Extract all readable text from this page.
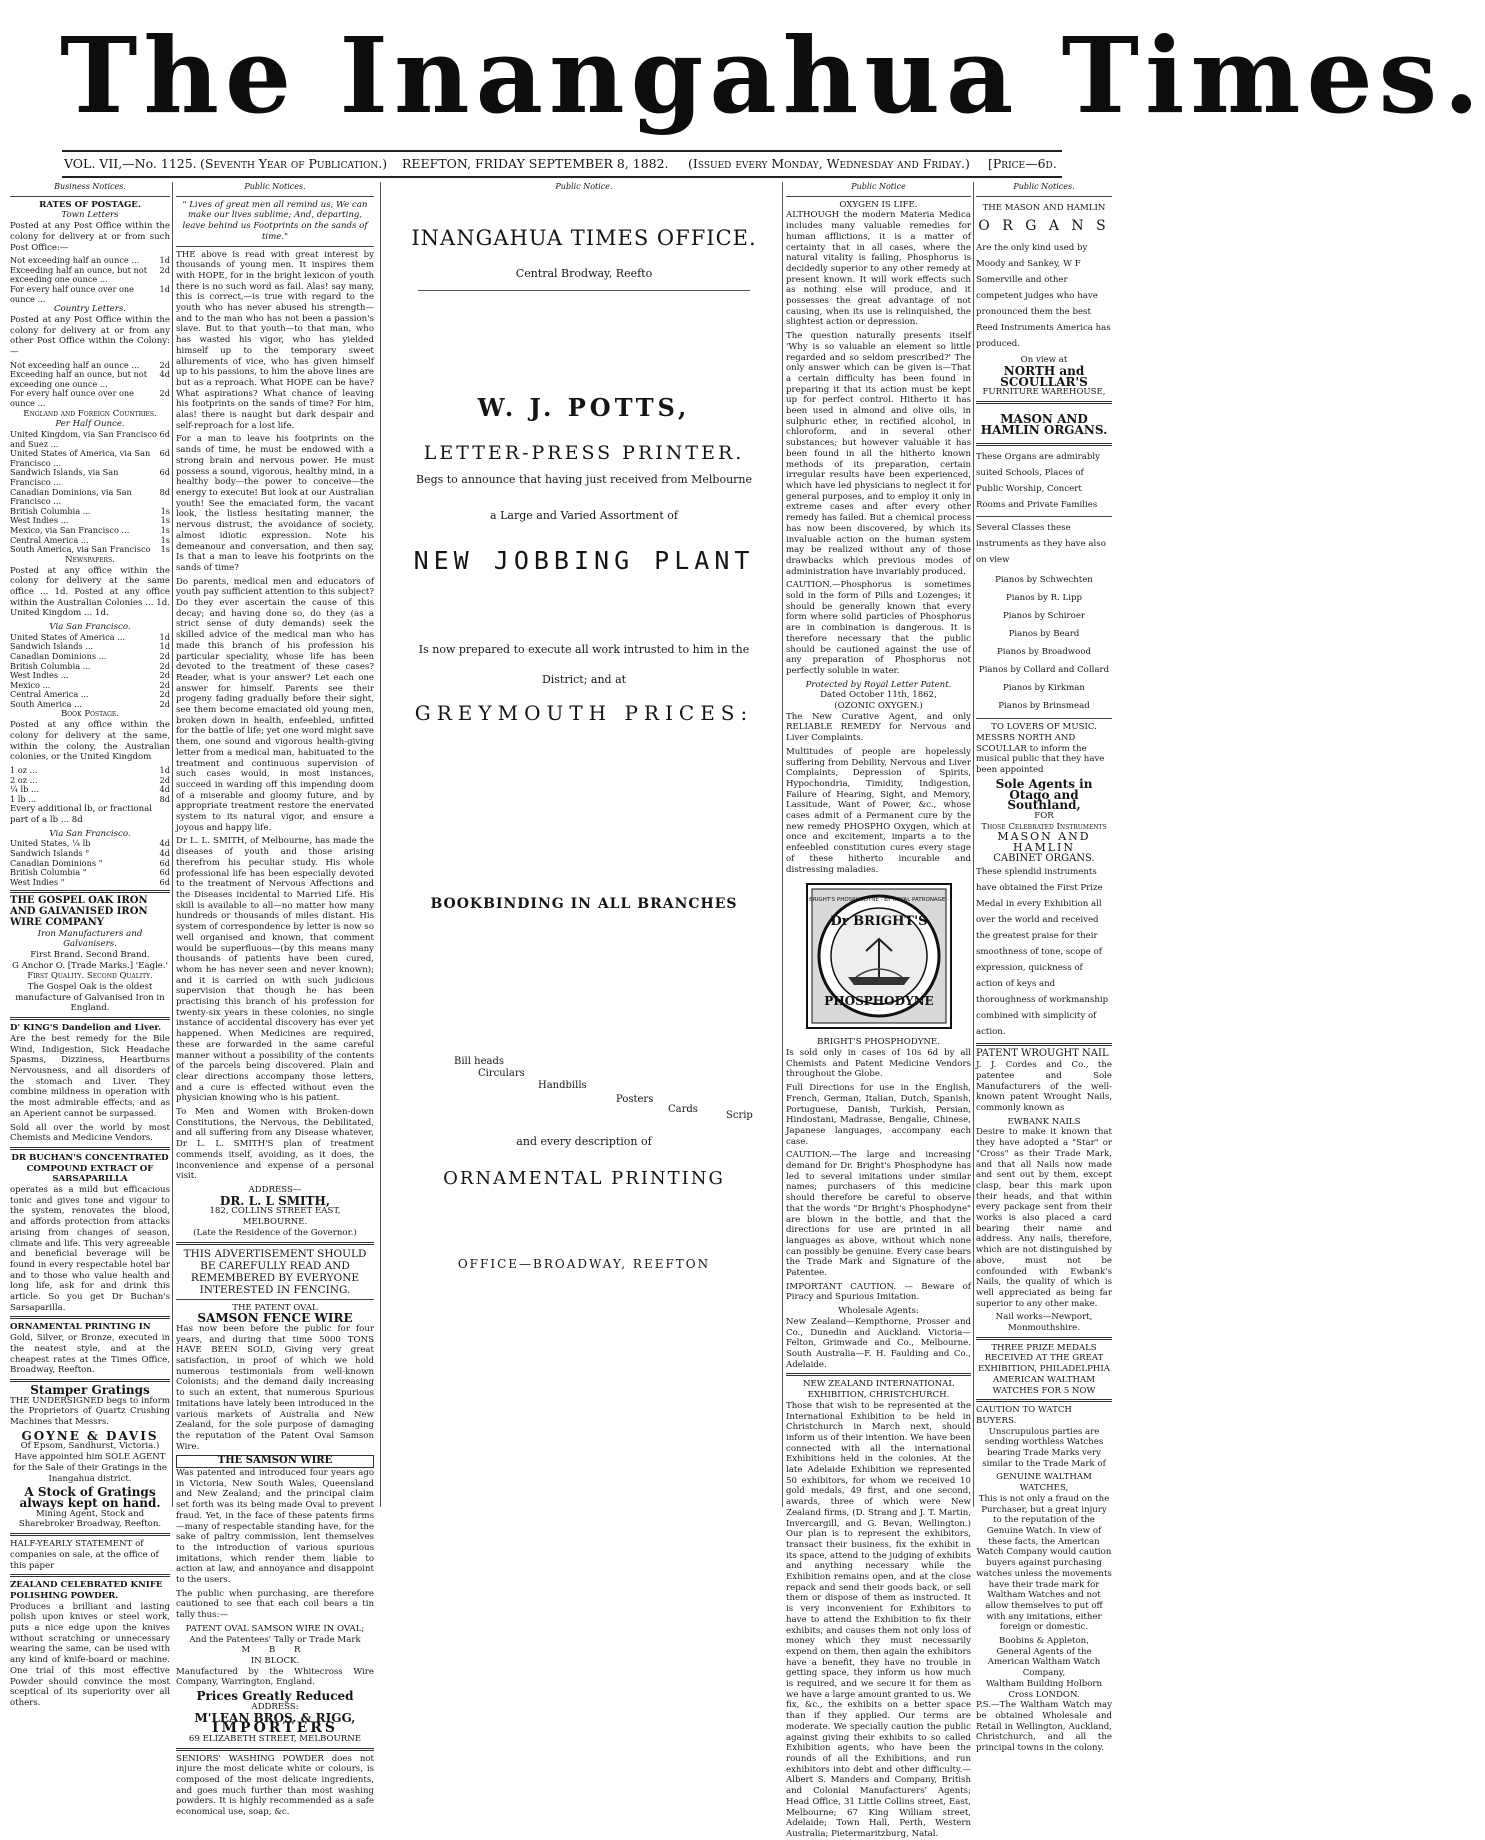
The Inangahua Times.
VOL. VII,—No. 1125. (Seventh Year of Publication.) REEFTON, FRIDAY SEPTEMBER 8, 1882. (Issued every Monday, Wednesday and Friday.) [Price—6d.
Business Notices.
RATES OF POSTAGE.
Town Letters

Posted at any Post Office within the colony for delivery at or from such Post Office:—

Not exceeding half an ounce ...	1d
Exceeding half an ounce, but not exceeding one ounce ...	2d
For every half ounce over one ounce ...	1d
Country Letters.

Posted at any Post Office within the colony for delivery at or from any other Post Office within the Colony:—

Not exceeding half an ounce ...	2d
Exceeding half an ounce, but not exceeding one ounce ...	4d
For every half ounce over one ounce ...	2d
England and Foreign Countries.
Per Half Ounce.
United Kingdom, via San Francisco and Suez ...	6d
United States of America, via San Francisco ...	6d
Sandwich Islands, via San Francisco ...	6d
Canadian Dominions, via San Francisco ...	8d
British Columbia ...	1s
West Indies ...	1s
Mexico, via San Francisco ...	1s
Central America ...	1s
South America, via San Francisco	1s
Newspapers.

Posted at any office within the colony for delivery at the same office ... 1d. Posted at any office within the Australian Colonies ... 1d. United Kingdom ... 1d.

Via San Francisco.
United States of America ...	1d
Sandwich Islands ...	1d
Canadian Dominions ...	2d
British Columbia ...	2d
West Indies ...	2d
Mexico ...	2d
Central America ...	2d
South America ...	2d
Book Postage.

Posted at any office within the colony for delivery at the same, within the colony, the Australian colonies, or the United Kingdom

1 oz ...	1d
2 oz ...	2d
¼ lb ...	4d
1 lb ...	8d

Every additional lb, or fractional part of a lb ... 8d

Via San Francisco.
United States, ¼ lb	4d
Sandwich Islands "	4d
Canadian Dominions "	6d
British Columbia "	6d
West Indies "	6d
THE GOSPEL OAK IRON AND GALVANISED IRON WIRE COMPANY
Iron Manufacturers and Galvanisers.
First Brand. Second Brand.
G Anchor O. [Trade Marks.] 'Eagle.'
First Quality. Second Quality.

The Gospel Oak is the oldest manufacture of Galvanised Iron in England.

D' KING'S Dandelion and Liver.

Are the best remedy for the Bile Wind, Indigestion, Sick Headache Spasms, Dizziness, Heartburns Nervousness, and all disorders of the stomach and Liver. They combine mildness in operation with the most admirable effects, and as an Aperient cannot be surpassed.

Sold all over the world by most Chemists and Medicine Vendors.

DR BUCHAN'S CONCENTRATED COMPOUND EXTRACT OF SARSAPARILLA

operates as a mild but efficacious tonic and gives tone and vigour to the system, renovates the blood, and affords protection from attacks arising from changes of season, climate and life. This very agreeable and beneficial beverage will be found in every respectable hotel bar and to those who value health and long life, ask for and drink this article. So you get Dr Buchan's Sarsaparilla.

ORNAMENTAL PRINTING IN

Gold, Silver, or Bronze, executed in the neatest style, and at the cheapest rates at the Times Office, Broadway, Reefton.

Stamper Gratings

THE UNDERSIGNED begs to inform the Proprietors of Quartz Crushing Machines that Messrs.

GOYNE & DAVIS
Of Epsom, Sandhurst, Victoria.)

Have appointed him SOLE AGENT for the Sale of their Gratings in the Inangahua district.

A Stock of Gratings always kept on hand.

Mining Agent, Stock and Sharebroker Broadway, Reefton.

HALF-YEARLY STATEMENT of companies on sale, at the office of this paper

ZEALAND CELEBRATED KNIFE POLISHING POWDER.

Produces a brilliant and lasting polish upon knives or steel work, puts a nice edge upon the knives without scratching or unnecessary wearing the same, can be used with any kind of knife-board or machine. One trial of this most effective Powder should convince the most sceptical of its superiority over all others.

Public Notices.

" Lives of great men all remind us, We can make our lives sublime; And, departing, leave behind us Footprints on the sands of time."

THE above is read with great interest by thousands of young men. It inspires them with HOPE, for in the bright lexicon of youth there is no such word as fail. Alas! say many, this is correct,—is true with regard to the youth who has never abused his strength—and to the man who has not been a passion's slave. But to that youth—to that man, who has wasted his vigor, who has yielded himself up to the temporary sweet allurements of vice, who has given himself up to his passions, to him the above lines are but as a reproach. What HOPE can be have? What aspirations? What chance of leaving his footprints on the sands of time? For him, alas! there is naught but dark despair and self-reproach for a lost life.

For a man to leave his footprints on the sands of time, he must be endowed with a strong brain and nervous power. He must possess a sound, vigorous, healthy mind, in a healthy body—the power to conceive—the energy to execute! But look at our Australian youth! See the emaciated form, the vacant look, the listless hesitating manner, the nervous distrust, the avoidance of society, almost idiotic expression. Note his demeanour and conversation, and then say, Is that a man to leave his footprints on the sands of time?

Do parents, medical men and educators of youth pay sufficient attention to this subject? Do they ever ascertain the cause of this decay; and having done so, do they (as a strict sense of duty demands) seek the skilled advice of the medical man who has made this branch of his profession his particular speciality, whose life has been devoted to the treatment of these cases? Reader, what is your answer? Let each one answer for himself. Parents see their progeny fading gradually before their sight, see them become emaciated old young men, broken down in health, enfeebled, unfitted for the battle of life; yet one word might save them, one sound and vigorous health-giving letter from a medical man, habituated to the treatment and continuous supervision of such cases would, in most instances, succeed in warding off this impending doom of a miserable and gloomy future, and by appropriate treatment restore the enervated system to its natural vigor, and ensure a joyous and happy life.

Dr L. L. SMITH, of Melbourne, has made the diseases of youth and those arising therefrom his peculiar study. His whole professional life has been especially devoted to the treatment of Nervous Affections and the Diseases incidental to Married Life. His skill is available to all—no matter how many hundreds or thousands of miles distant. His system of correspondence by letter is now so well organised and known, that comment would be superfluous—(by this means many thousands of patients have been cured, whom he has never seen and never known); and it is carried on with such judicious supervision that though he has been practising this branch of his profession for twenty-six years in these colonies, no single instance of accidental discovery has ever yet happened. When Medicines are required, these are forwarded in the same careful manner without a possibility of the contents of the parcels being discovered. Plain and clear directions accompany those letters, and a cure is effected without even the physician knowing who is his patient.

To Men and Women with Broken-down Constitutions, the Nervous, the Debilitated, and all suffering from any Disease whatever, Dr L. L. SMITH'S plan of treatment commends itself, avoiding, as it does, the inconvenience and expense of a personal visit.

ADDRESS—
DR. L. L SMITH,
182, COLLINS STREET EAST, MELBOURNE.
(Late the Residence of the Governor.)

THIS ADVERTISEMENT SHOULD BE CAREFULLY READ AND REMEMBERED BY EVERYONE INTERESTED IN FENCING.

THE PATENT OVAL
SAMSON FENCE WIRE

Has now been before the public for four years, and during that time 5000 TONS HAVE BEEN SOLD, Giving very great satisfaction, in proof of which we hold numerous testimonials from well-known Colonists; and the demand daily increasing to such an extent, that numerous Spurious Imitations have lately been introduced in the various markets of Australia and New Zealand, for the sole purpose of damaging the reputation of the Patent Oval Samson Wire.

THE SAMSON WIRE

Was patented and introduced four years ago in Victoria, New South Wales, Queensland and New Zealand; and the principal claim set forth was its being made Oval to prevent fraud. Yet, in the face of these patents firms—many of respectable standing have, for the sake of paltry commission, lent themselves to the introduction of various spurious imitations, which render them liable to action at law, and annoyance and disappoint to the users.

The public when purchasing, are therefore cautioned to see that each coil bears a tin tally thus:—

PATENT OVAL SAMSON WIRE IN OVAL;
And the Patentees' Tally or Trade Mark
M B R
IN BLOCK.

Manufactured by the Whitecross Wire Company, Warrington, England.

Prices Greatly Reduced
ADDRESS:
M'LEAN BROS. & RIGG,
IMPORTERS
69 ELIZABETH STREET, MELBOURNE

SENIORS' WASHING POWDER does not injure the most delicate white or colours, is composed of the most delicate ingredients, and goes much further than most washing powders. It is highly recommended as a safe economical use, soap, &c.

Public Notice.
INANGAHUA TIMES OFFICE.
Central Brodway, Reefto
W. J. POTTS,
LETTER-PRESS PRINTER.
Begs to announce that having just received from Melbourne
a Large and Varied Assortment of
NEW JOBBING PLANT
Is now prepared to execute all work intrusted to him in the
District; and at
GREYMOUTH PRICES:
BOOKBINDING IN ALL BRANCHES
Bill heads
Circulars
Handbills
Posters
Cards
Scrip
and every description of
ORNAMENTAL PRINTING
OFFICE—BROADWAY, REEFTON
Public Notice
OXYGEN IS LIFE.

ALTHOUGH the modern Materia Medica includes many valuable remedies for human afflictions, it is a matter of certainty that in all cases, where the natural vitality is failing, Phosphorus is decidedly superior to any other remedy at present known. It will work effects such as nothing else will produce, and it possesses the great advantage of not causing, when its use is relinquished, the slightest action or depression.

The question naturally presents itself 'Why is so valuable an element so little regarded and so seldom prescribed?' The only answer which can be given is—That a certain difficulty has been found in preparing it that its action must be kept up for perfect control. Hitherto it has been used in almond and olive oils, in sulphuric ether, in rectified alcohol, in chloroform, and in several other substances; but however valuable it has been found in all the hitherto known methods of its preparation, certain irregular results have been experienced, which have led physicians to neglect it for general purposes, and to employ it only in extreme cases and after every other remedy has failed. But a chemical process has now been discovered, by which its invaluable action on the human system may be realized without any of those drawbacks which previous modes of administration have invariably produced.

CAUTION.—Phosphorus is sometimes sold in the form of Pills and Lozenges; it should be generally known that every form where solid particles of Phosphorus are in combination is dangerous. It is therefore necessary that the public should be cautioned against the use of any preparation of Phosphorus not perfectly soluble in water.

Protected by Royal Letter Patent.
Dated October 11th, 1862,
(OZONIC OXYGEN.)

The New Curative Agent, and only RELIABLE REMEDY for Nervous and Liver Complaints.

Multitudes of people are hopelessly suffering from Debility, Nervous and Liver Complaints, Depression of Spirits, Hypochondria, Timidity, Indigestion, Failure of Hearing, Sight, and Memory, Lassitude, Want of Power, &c., whose cases admit of a Permanent cure by the new remedy PHOSPHO Oxygen, which at once and excitement, imparts a to the enfeebled constitution cures every stage of these hitherto incurable and distressing maladies.

Dr BRIGHT'S
PHOSPHODYNE
BRIGHT'S PHOSPHODYNE · BY ROYAL PATRONAGE ·
BRIGHT'S PHOSPHODYNE.

Is sold only in cases of 10s 6d by all Chemists and Patent Medicine Vendors throughout the Globe.

Full Directions for use in the English, French, German, Italian, Dutch, Spanish, Portuguese, Danish, Turkish, Persian, Hindostani, Madrasse, Bengalie, Chinese, Japanese languages, accompany each case.

CAUTION.—The large and increasing demand for Dr. Bright's Phosphodyne has led to several imitations under similar names; purchasers of this medicine should therefore be careful to observe that the words "Dr Bright's Phosphodyne" are blown in the bottle, and that the directions for use are printed in all languages as above, without which none can possibly be genuine. Every case bears the Trade Mark and Signature of the Patentee.

IMPORTANT CAUTION. — Beware of Piracy and Spurious Imitation.

Wholesale Agents:

New Zealand—Kempthorne, Prosser and Co., Dunedin and Auckland. Victoria—Felton, Grimwade and Co., Melbourne. South Australia—F. H. Faulding and Co., Adelaide.

NEW ZEALAND INTERNATIONAL EXHIBITION, CHRISTCHURCH.

Those that wish to be represented at the International Exhibition to be held in Christchurch in March next, should inform us of their intention. We have been connected with all the international Exhibitions held in the colonies. At the late Adelaide Exhibition we represented 50 exhibitors, for whom we received 10 gold medals, 49 first, and one second, awards, three of which were New Zealand firms, (D. Strang and J. T. Martin, Invercargill, and G. Bevan, Wellington.) Our plan is to represent the exhibitors, transact their business, fix the exhibit in its space, attend to the judging of exhibits and anything necessary while the Exhibition remains open, and at the close repack and send their goods back, or sell them or dispose of them as instructed. It is very inconvenient for Exhibitors to have to attend the Exhibition to fix their exhibits, and causes them not only loss of money which they must necessarily expend on them, then again the exhibitors have a benefit, they have no trouble in getting space, they inform us how much is required, and we secure it for them as we have a large amount granted to us. We fix, &c., the exhibits on a better space than if they applied. Our terms are moderate. We specially caution the public against giving their exhibits to so called Exhibition agents, who have been the rounds of all the Exhibitions, and run exhibitors into debt and other difficulty.—Albert S. Manders and Company, British and Colonial Manufacturers' Agents; Head Office, 31 Little Collins street, East, Melbourne; 67 King William street, Adelaide; Town Hall, Perth, Western Australia; Pietermaritzburg, Natal.

Public Notices.
THE MASON AND HAMLIN
O R G A N S

Are the only kind used by Moody and Sankey, W F Somerville and other competent judges who have pronounced them the best Reed Instruments America has produced.

On view at
NORTH and SCOULLAR'S
FURNITURE WAREHOUSE,
MASON AND HAMLIN ORGANS.

These Organs are admirably suited Schools, Places of Public Worship, Concert Rooms and Private Families

Several Classes these instruments as they have also on view

Pianos by Schwechten
Pianos by R. Lipp
Pianos by Schiroer
Pianos by Beard
Pianos by Broadwood
Pianos by Collard and Collard
Pianos by Kirkman
Pianos by Brinsmead
TO LOVERS OF MUSIC.

MESSRS NORTH AND SCOULLAR to inform the musical public that they have been appointed

Sole Agents in Otago and Southland,
FOR
Those Celebrated Instruments
MASON AND HAMLIN
CABINET ORGANS.

These splendid instruments have obtained the First Prize Medal in every Exhibition all over the world and received the greatest praise for their smoothness of tone, scope of expression, quickness of action of keys and thoroughness of workmanship combined with simplicity of action.

PATENT WROUGHT NAIL

J. J. Cordes and Co., the patentee and Sole Manufacturers of the well-known patent Wrought Nails, commonly known as

EWBANK NAILS

Desire to make it known that they have adopted a "Star" or "Cross" as their Trade Mark, and that all Nails now made and sent out by them, except clasp, bear this mark upon their heads, and that within every package sent from their works is also placed a card bearing their name and address. Any nails, therefore, which are not distinguished by above, must not be confounded with Ewbank's Nails, the quality of which is well appreciated as being far superior to any other make.

Nail works—Newport, Monmouthshire.
THREE PRIZE MEDALS RECEIVED AT THE GREAT EXHIBITION, PHILADELPHIA
AMERICAN WALTHAM WATCHES FOR 5 NOW
CAUTION TO WATCH BUYERS.

Unscrupulous parties are sending worthless Watches bearing Trade Marks very similar to the Trade Mark of

GENUINE WALTHAM WATCHES,

This is not only a fraud on the Purchaser, but a great injury to the reputation of the Genuine Watch. In view of these facts, the American Watch Company would caution buyers against purchasing watches unless the movements have their trade mark for Waltham Watches and not allow themselves to put off with any imitations, either foreign or domestic.

Boobins & Appleton,
General Agents of the American Waltham Watch Company,
Waltham Building Holborn Cross LONDON.

P.S.—The Waltham Watch may be obtained Wholesale and Retail in Wellington, Auckland, Christchurch, and all the principal towns in the colony.
